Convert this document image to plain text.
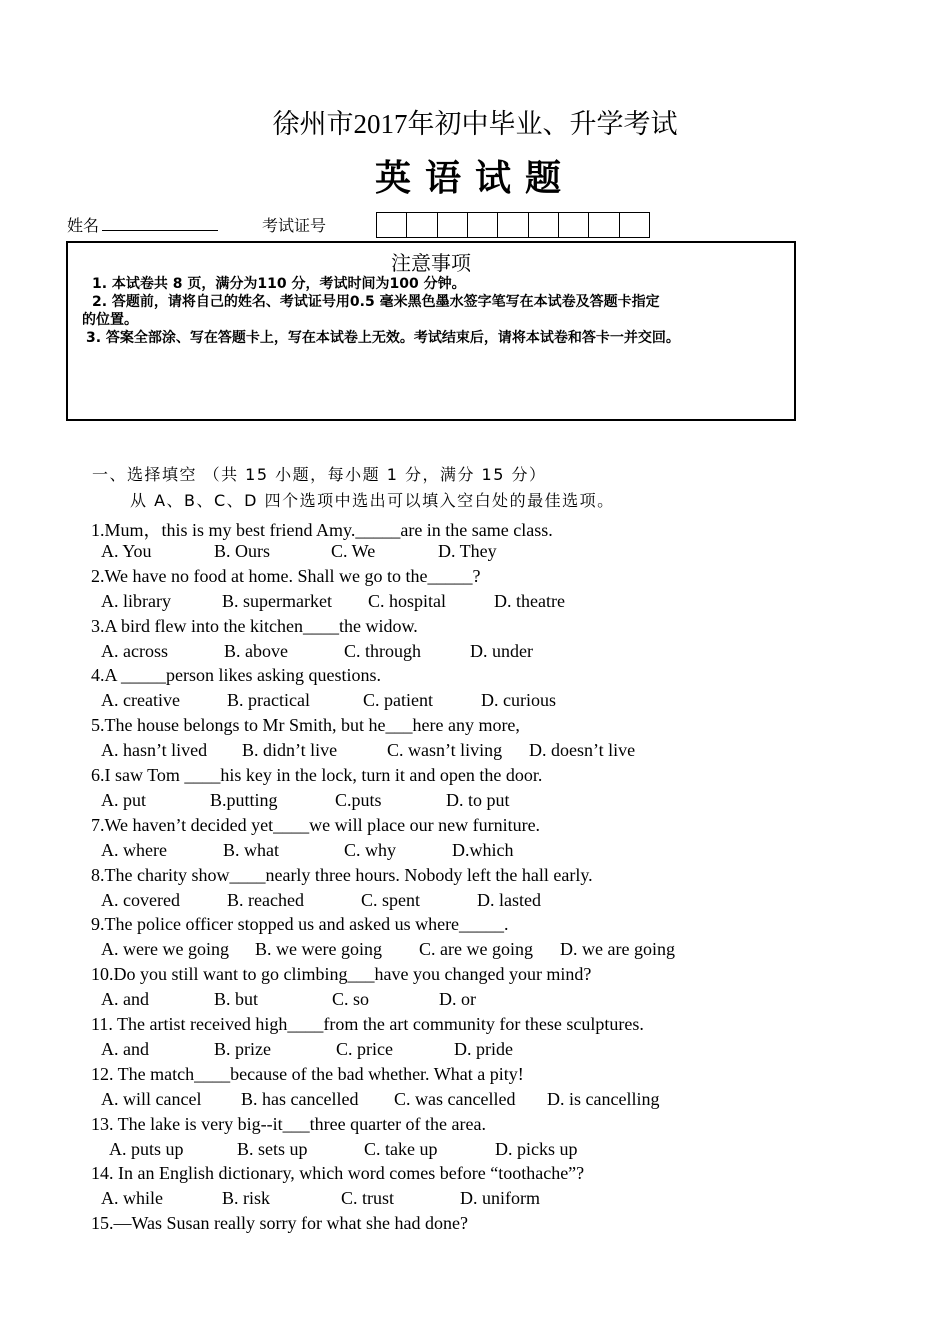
徐州市2017年初中毕业、升学考试
英语试题
姓名	考试证号
注意事项
1. 本试卷共 8 页，满分为110 分，考试时间为100 分钟。
2. 答题前，请将自己的姓名、考试证号用0.5 毫米黑色墨水签字笔写在本试卷及答题卡指定
的位置。
3. 答案全部涂、写在答题卡上，写在本试卷上无效。考试结束后，请将本试卷和答卡一并交回。
一、选择填空 （共 15 小题，每小题 1 分，满分 15 分）
从 A、B、C、D 四个选项中选出可以填入空白处的最佳选项。
1.Mum，this is my best friend Amy._____are in the same class.
A. You	B. Ours	C. We	D. They
2.We have no food at home. Shall we go to the_____?
A. library	B. supermarket C. hospital	D. theatre
3.A bird flew into the kitchen____the widow.
A. across	B. above	C. through	D. under
4.A _____person likes asking questions.
A. creative	B. practical	C. patient	D. curious
5.The house belongs to Mr Smith, but he___here any more,
A. hasn’t lived B. didn’t live	C. wasn’t living D. doesn’t live
6.I saw Tom ____his key in the lock, turn it and open the door.
A. put	B.putting	C.puts	D. to put
7.We haven’t decided yet____we will place our new furniture.
A. where	B. what	C. why	D.which
8.The charity show____nearly three hours. Nobody left the hall early.
A. covered	B. reached	C. spent	D. lasted
9.The police officer stopped us and asked us where_____.
A. were we going B. we were going C. are we going D. we are going
10.Do you still want to go climbing___have you changed your mind?
A. and	B. but	C. so	D. or
11. The artist received high____from the art community for these sculptures.
A. and	B. prize	C. price	D. pride
12. The match____because of the bad whether. What a pity!
A. will cancel B. has cancelled C. was cancelled D. is cancelling
13. The lake is very big--it___three quarter of the area.
A. puts up	B. sets up	C. take up	D. picks up
14. In an English dictionary, which word comes before “toothache”?
A. while	B. risk	C. trust	D. uniform
15.—Was Susan really sorry for what she had done?
